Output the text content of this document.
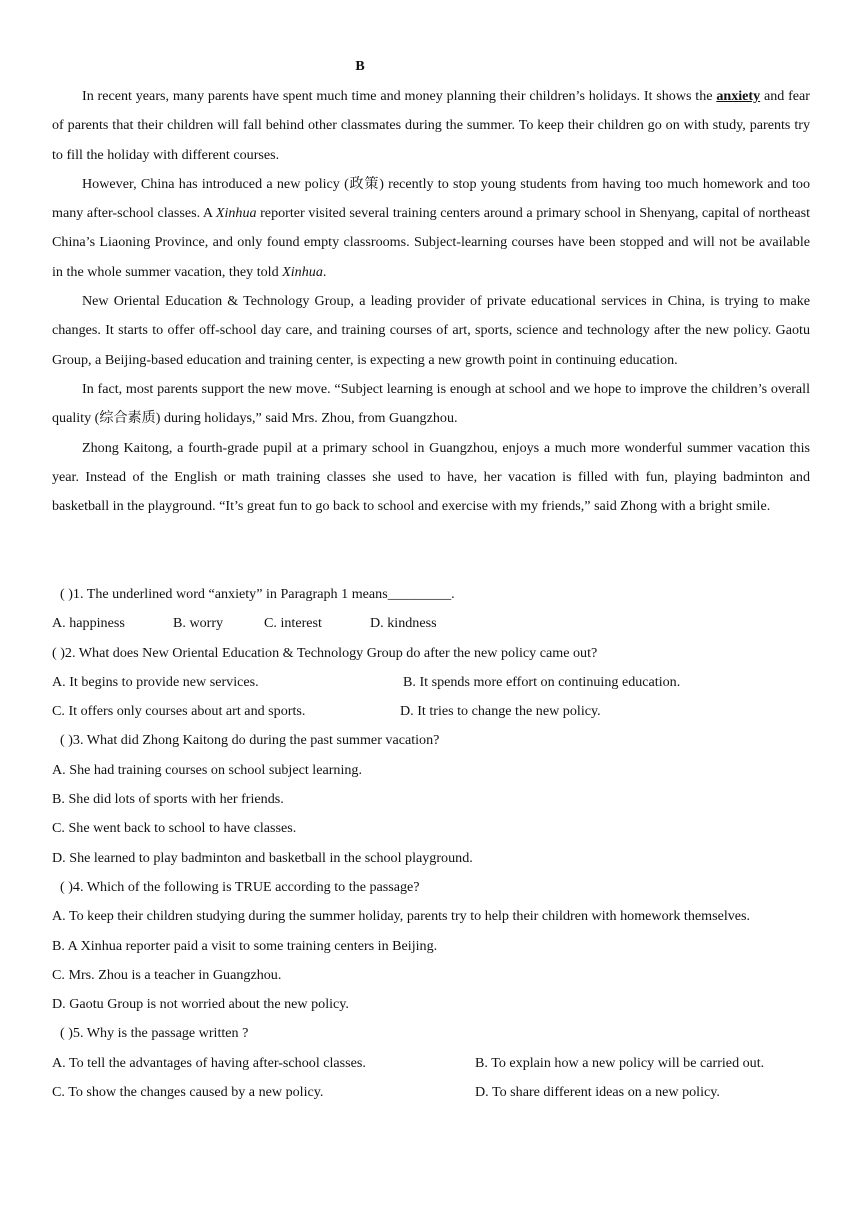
B

In recent years, many parents have spent much time and money planning their children’s holidays. It shows the anxiety and fear of parents that their children will fall behind other classmates during the summer. To keep their children go on with study, parents try to fill the holiday with different courses.

However, China has introduced a new policy (政策) recently to stop young students from having too much homework and too many after-school classes. A Xinhua reporter visited several training centers around a primary school in Shenyang, capital of northeast China’s Liaoning Province, and only found empty classrooms. Subject-learning courses have been stopped and will not be available in the whole summer vacation, they told Xinhua.

New Oriental Education & Technology Group, a leading provider of private educational services in China, is trying to make changes. It starts to offer off-school day care, and training courses of art, sports, science and technology after the new policy. Gaotu Group, a Beijing-based education and training center, is expecting a new growth point in continuing education.

In fact, most parents support the new move. “Subject learning is enough at school and we hope to improve the children’s overall quality (综合素质) during holidays,” said Mrs. Zhou, from Guangzhou.

Zhong Kaitong, a fourth-grade pupil at a primary school in Guangzhou, enjoys a much more wonderful summer vacation this year. Instead of the English or math training classes she used to have, her vacation is filled with fun, playing badminton and basketball in the playground. “It’s great fun to go back to school and exercise with my friends,” said Zhong with a bright smile.

( )1. The underlined word “anxiety” in Paragraph 1 means_________.
A. happiness	B. worry	C. interest	D. kindness
( )2. What does New Oriental Education & Technology Group do after the new policy came out?
A. It begins to provide new services.	B. It spends more effort on continuing education.
C. It offers only courses about art and sports.	D. It tries to change the new policy.
( )3. What did Zhong Kaitong do during the past summer vacation?
A. She had training courses on school subject learning.
B. She did lots of sports with her friends.
C. She went back to school to have classes.
D. She learned to play badminton and basketball in the school playground.
( )4. Which of the following is TRUE according to the passage?
A. To keep their children studying during the summer holiday, parents try to help their children with homework themselves.
B. A Xinhua reporter paid a visit to some training centers in Beijing.
C. Mrs. Zhou is a teacher in Guangzhou.
D. Gaotu Group is not worried about the new policy.
( )5. Why is the passage written ?
A. To tell the advantages of having after-school classes.	B. To explain how a new policy will be carried out.
C. To show the changes caused by a new policy.	D. To share different ideas on a new policy.
